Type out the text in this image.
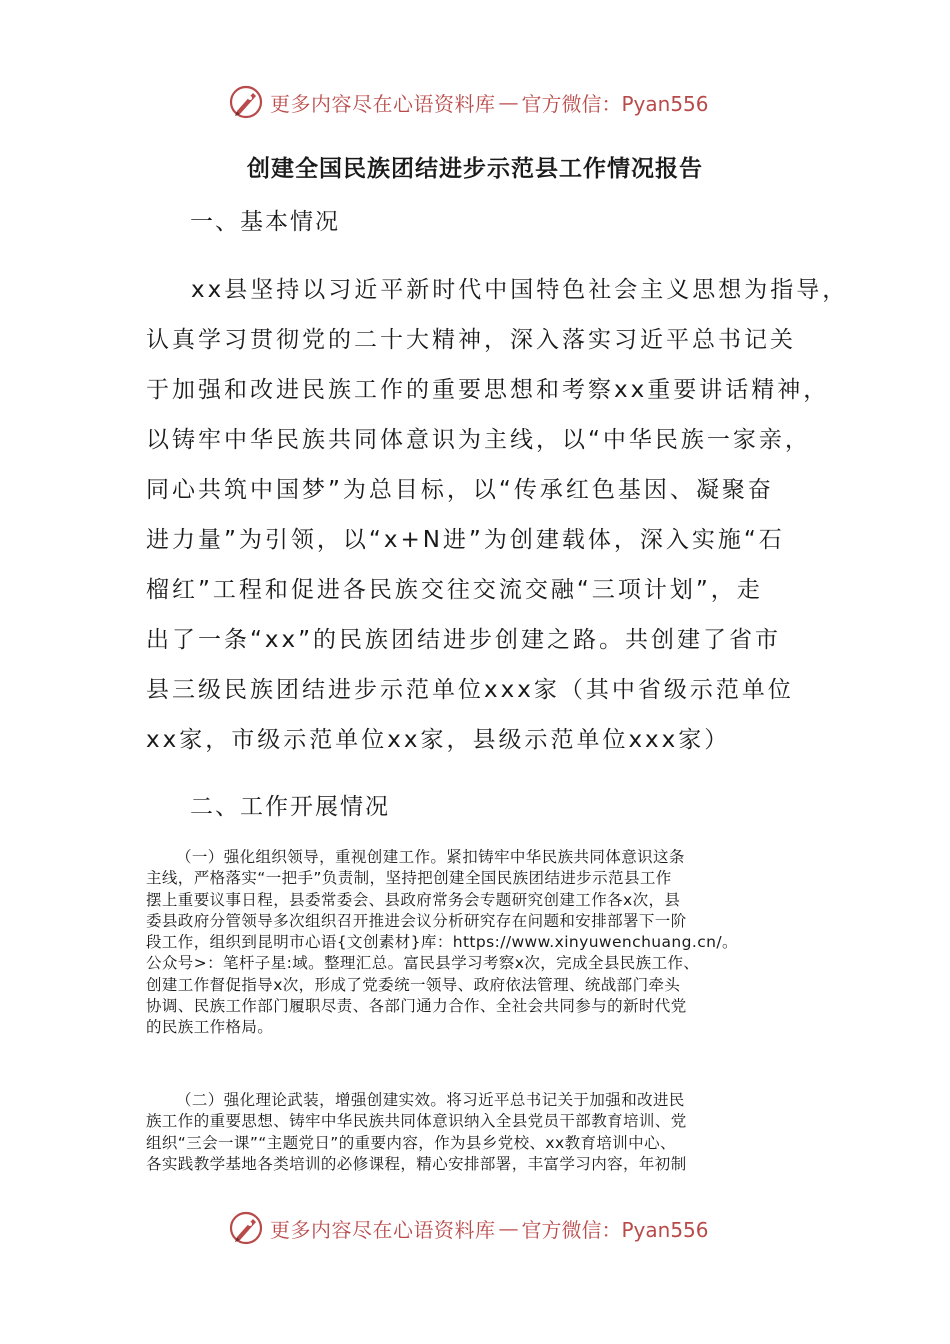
更多内容尽在心语资料库 — 官方微信：Pyan556
创建全国民族团结进步示范县工作情况报告
一、基本情况
xx县坚持以习近平新时代中国特色社会主义思想为指导，
认真学习贯彻党的二十大精神，深入落实习近平总书记关
于加强和改进民族工作的重要思想和考察xx重要讲话精神，
以铸牢中华民族共同体意识为主线，以“中华民族一家亲，
同心共筑中国梦”为总目标，以“传承红色基因、凝聚奋
进力量”为引领，以“x+N进”为创建载体，深入实施“石
榴红”工程和促进各民族交往交流交融“三项计划”，走
出了一条“xx”的民族团结进步创建之路。共创建了省市
县三级民族团结进步示范单位xxx家（其中省级示范单位
xx家，市级示范单位xx家，县级示范单位xxx家）
二、工作开展情况
（一）强化组织领导，重视创建工作。紧扣铸牢中华民族共同体意识这条
主线，严格落实“一把手”负责制，坚持把创建全国民族团结进步示范县工作
摆上重要议事日程，县委常委会、县政府常务会专题研究创建工作各x次，县
委县政府分管领导多次组织召开推进会议分析研究存在问题和安排部署下一阶
段工作，组织到昆明市心语{文创素材}库：https://www.xinyuwenchuang.cn/。
公众号>：笔杆子星:域。整理汇总。富民县学习考察x次，完成全县民族工作、
创建工作督促指导x次，形成了党委统一领导、政府依法管理、统战部门牵头
协调、民族工作部门履职尽责、各部门通力合作、全社会共同参与的新时代党
的民族工作格局。
（二）强化理论武装，增强创建实效。将习近平总书记关于加强和改进民
族工作的重要思想、铸牢中华民族共同体意识纳入全县党员干部教育培训、党
组织“三会一课”“主题党日”的重要内容，作为县乡党校、xx教育培训中心、
各实践教学基地各类培训的必修课程，精心安排部署，丰富学习内容，年初制
更多内容尽在心语资料库 — 官方微信：Pyan556
